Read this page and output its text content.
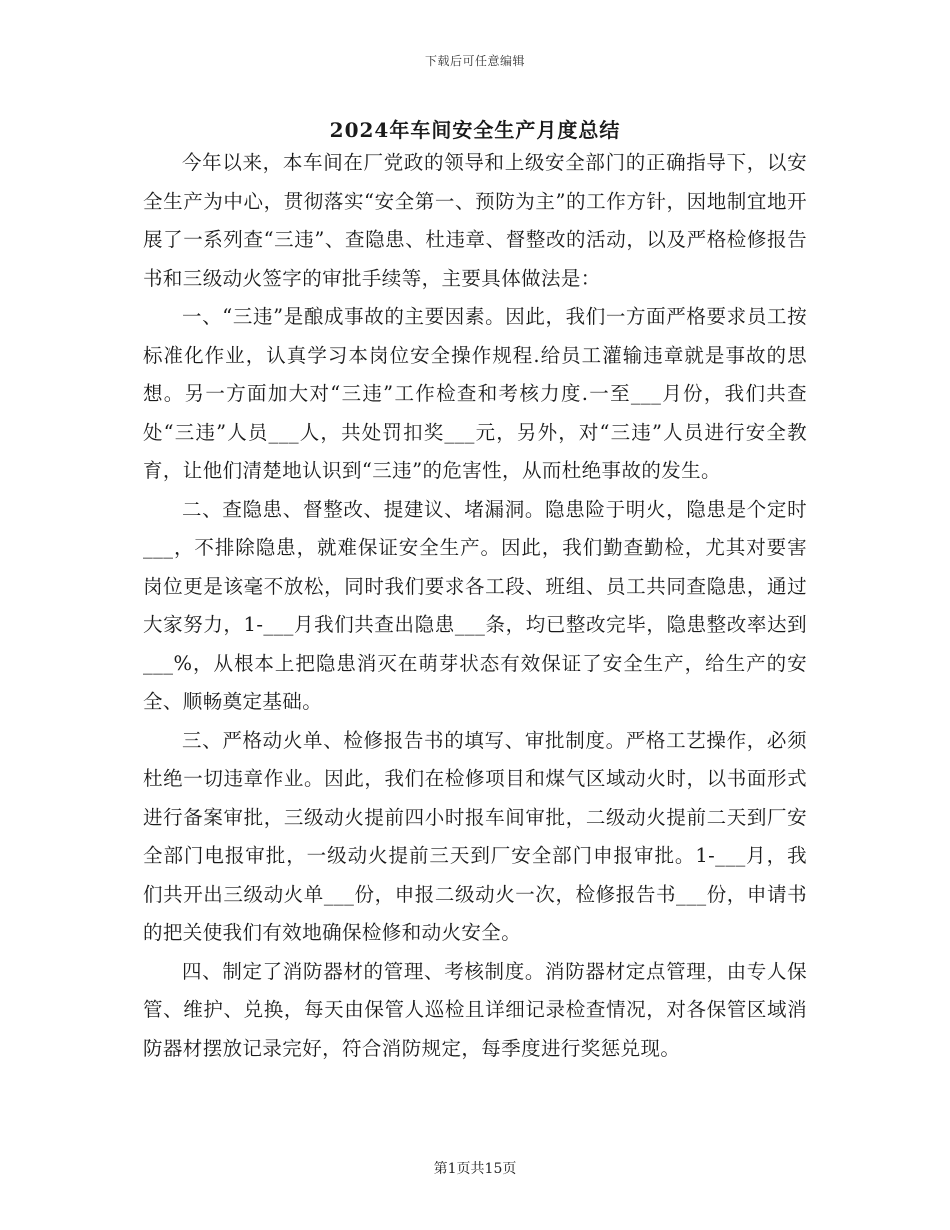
下载后可任意编辑
2024年车间安全生产月度总结

今年以来，本车间在厂党政的领导和上级安全部门的正确指导下，以安全生产为中心，贯彻落实“安全第一、预防为主”的工作方针，因地制宜地开展了一系列查“三违”、查隐患、杜违章、督整改的活动，以及严格检修报告书和三级动火签字的审批手续等，主要具体做法是：

一、“三违”是酿成事故的主要因素。因此，我们一方面严格要求员工按标准化作业，认真学习本岗位安全操作规程.给员工灌输违章就是事故的思想。另一方面加大对“三违”工作检查和考核力度.一至___月份，我们共查处“三违”人员___人，共处罚扣奖___元，另外，对“三违”人员进行安全教育，让他们清楚地认识到“三违”的危害性，从而杜绝事故的发生。

二、查隐患、督整改、提建议、堵漏洞。隐患险于明火，隐患是个定时___，不排除隐患，就难保证安全生产。因此，我们勤查勤检，尤其对要害岗位更是该毫不放松，同时我们要求各工段、班组、员工共同查隐患，通过大家努力，1-___月我们共查出隐患___条，均已整改完毕，隐患整改率达到___%，从根本上把隐患消灭在萌芽状态有效保证了安全生产，给生产的安全、顺畅奠定基础。

三、严格动火单、检修报告书的填写、审批制度。严格工艺操作，必须杜绝一切违章作业。因此，我们在检修项目和煤气区域动火时，以书面形式进行备案审批，三级动火提前四小时报车间审批，二级动火提前二天到厂安全部门电报审批，一级动火提前三天到厂安全部门申报审批。1-___月，我们共开出三级动火单___份，申报二级动火一次，检修报告书___份，申请书的把关使我们有效地确保检修和动火安全。

四、制定了消防器材的管理、考核制度。消防器材定点管理，由专人保管、维护、兑换，每天由保管人巡检且详细记录检查情况，对各保管区域消防器材摆放记录完好，符合消防规定，每季度进行奖惩兑现。

第1页共15页
